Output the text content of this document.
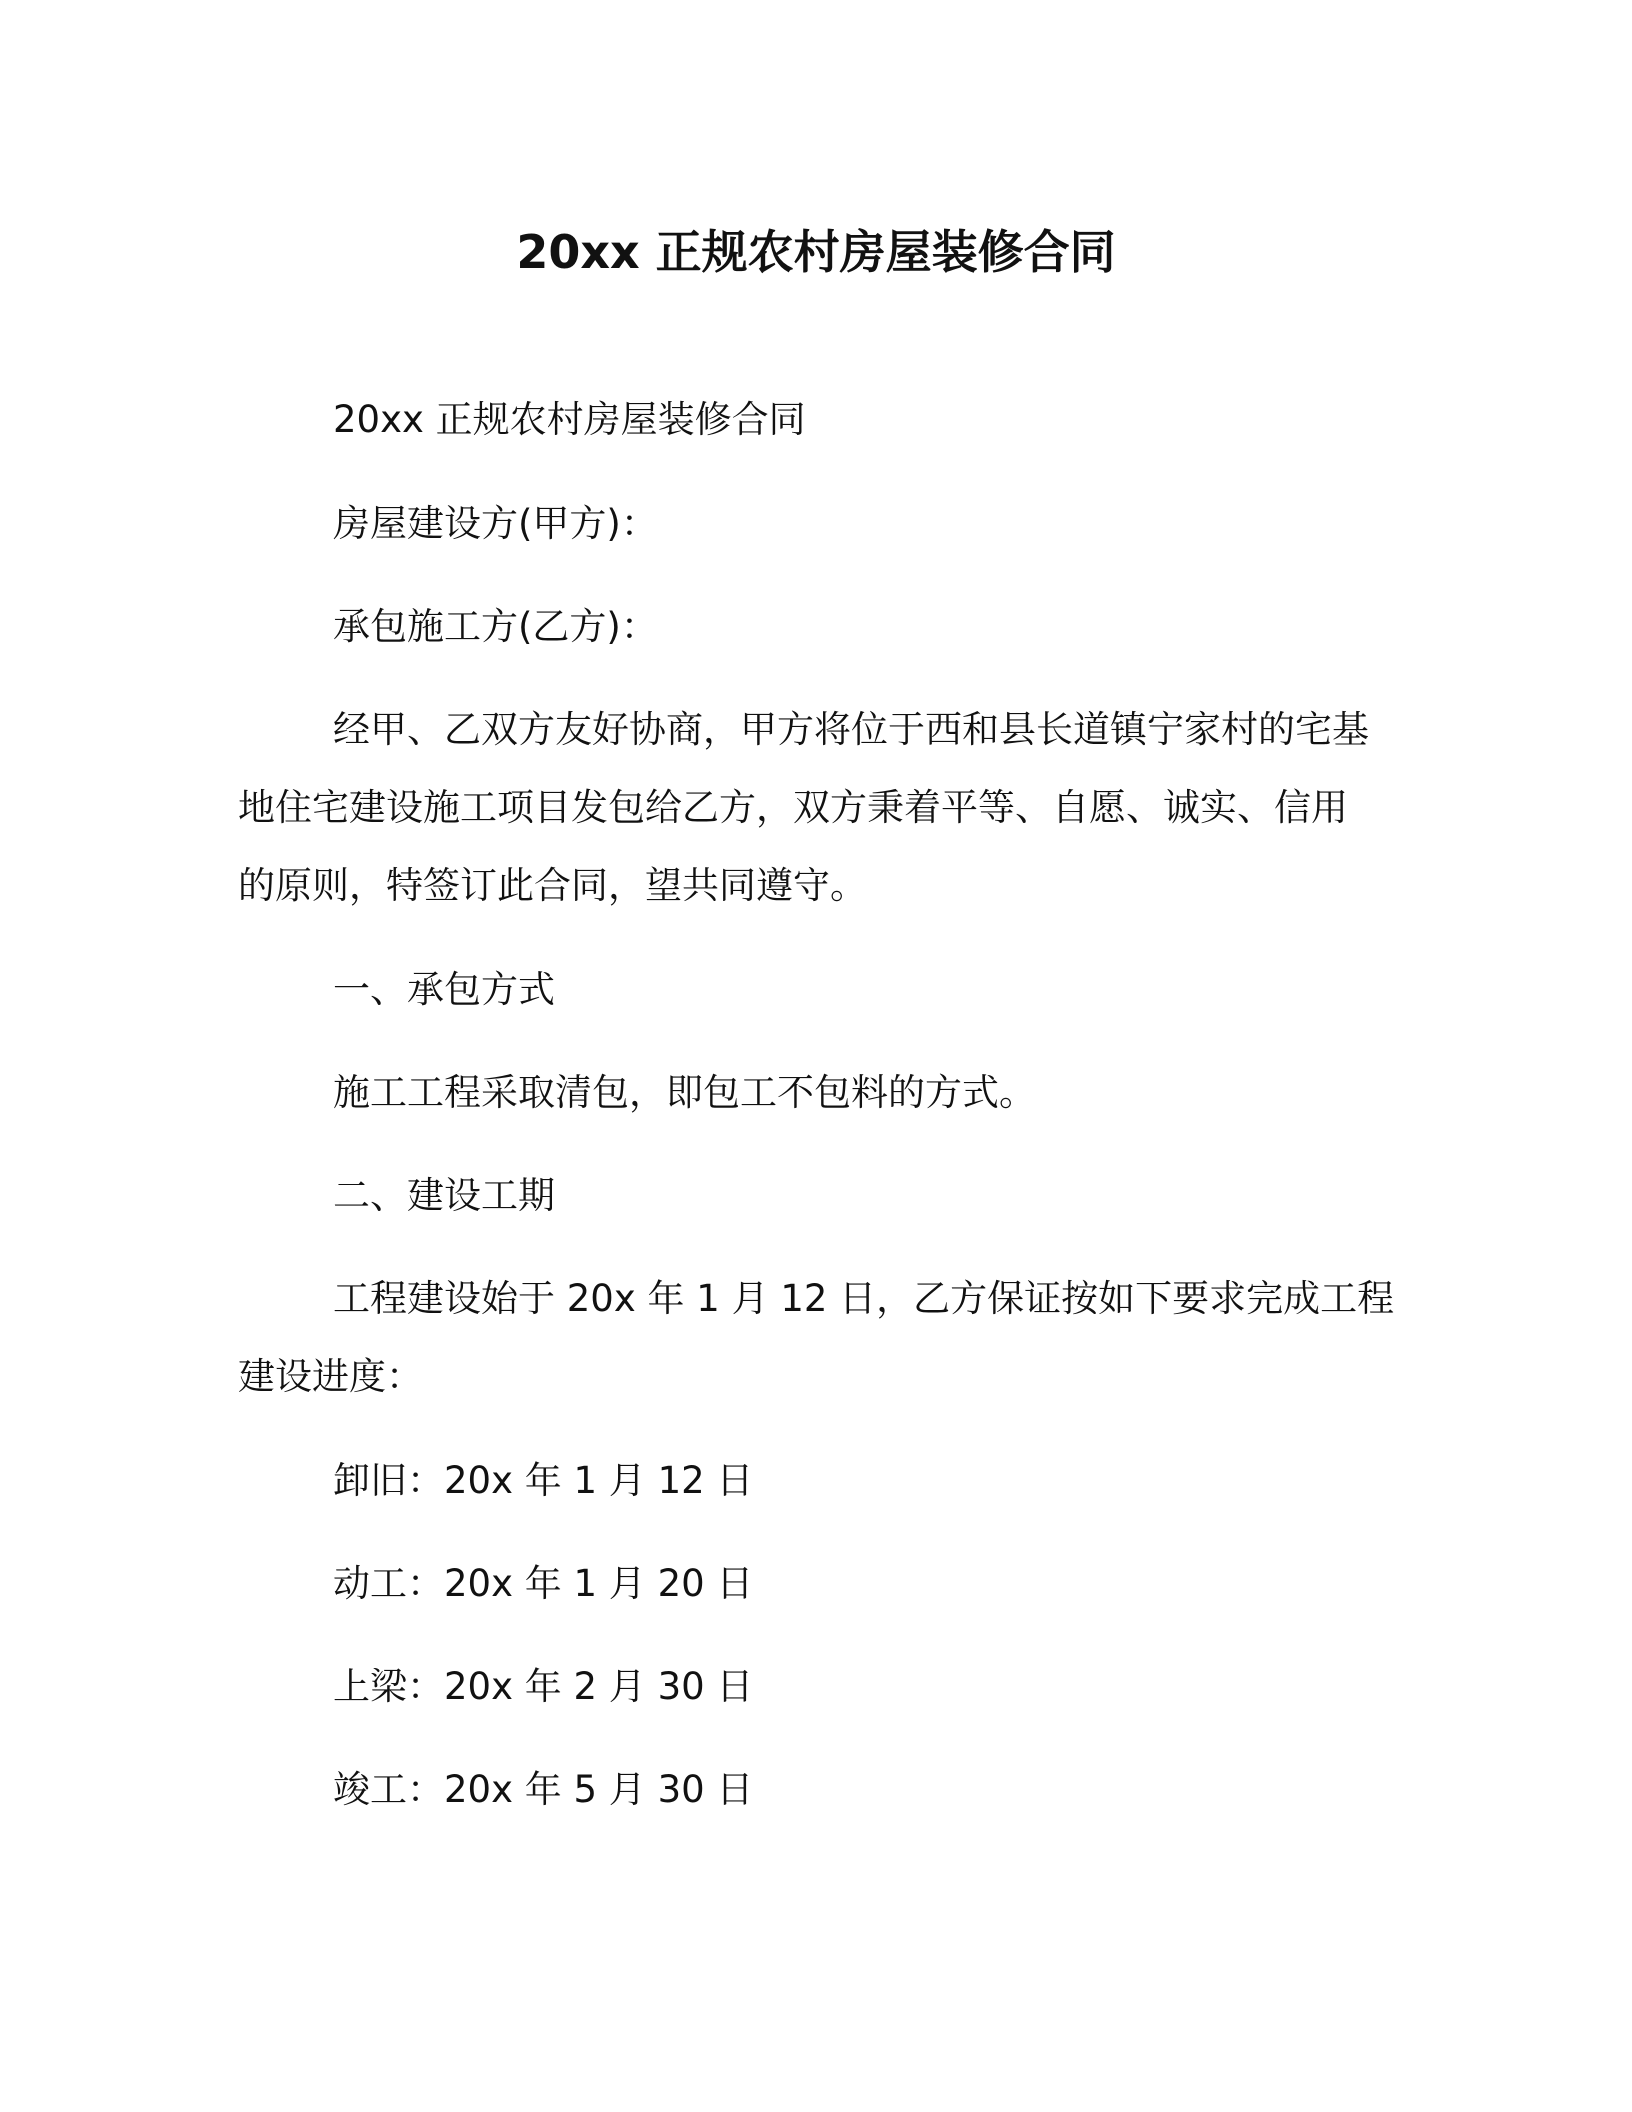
20xx 正规农村房屋装修合同
20xx 正规农村房屋装修合同
房屋建设方(甲方)：
承包施工方(乙方)：
经甲、乙双方友好协商，甲方将位于西和县长道镇宁家村的宅基
地住宅建设施工项目发包给乙方，双方秉着平等、自愿、诚实、信用
的原则，特签订此合同，望共同遵守。
一、承包方式
施工工程采取清包，即包工不包料的方式。
二、建设工期
工程建设始于 20x 年 1 月 12 日，乙方保证按如下要求完成工程
建设进度：
卸旧：20x 年 1 月 12 日
动工：20x 年 1 月 20 日
上梁：20x 年 2 月 30 日
竣工：20x 年 5 月 30 日
